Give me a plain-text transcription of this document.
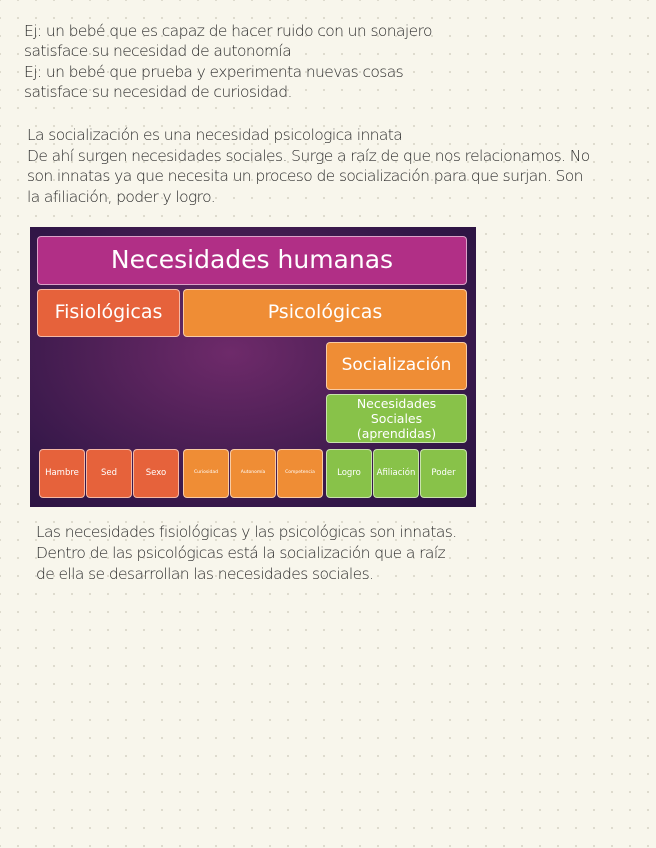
Ej: un bebé que es capaz de hacer ruido con un sonajero
satisface su necesidad de autonomía
Ej: un bebé que prueba y experimenta nuevas cosas
satisface su necesidad de curiosidad.
La socialización es una necesidad psicologica innata
De ahí surgen necesidades sociales. Surge a raíz de que nos relacionamos. No
son innatas ya que necesita un proceso de socialización para que surjan. Son
la afiliación, poder y logro.
Necesidades humanas
Fisiológicas	Psicológicas
Socialización
Necesidades Sociales (aprendidas)
Hambre	Sed	Sexo	Curiosidad	Autonomía	Competencia	Logro	Afiliación	Poder
Las necesidades fisiológicas y las psicológicas son innatas.
Dentro de las psicológicas está la socialización que a raíz
de ella se desarrollan las necesidades sociales.
